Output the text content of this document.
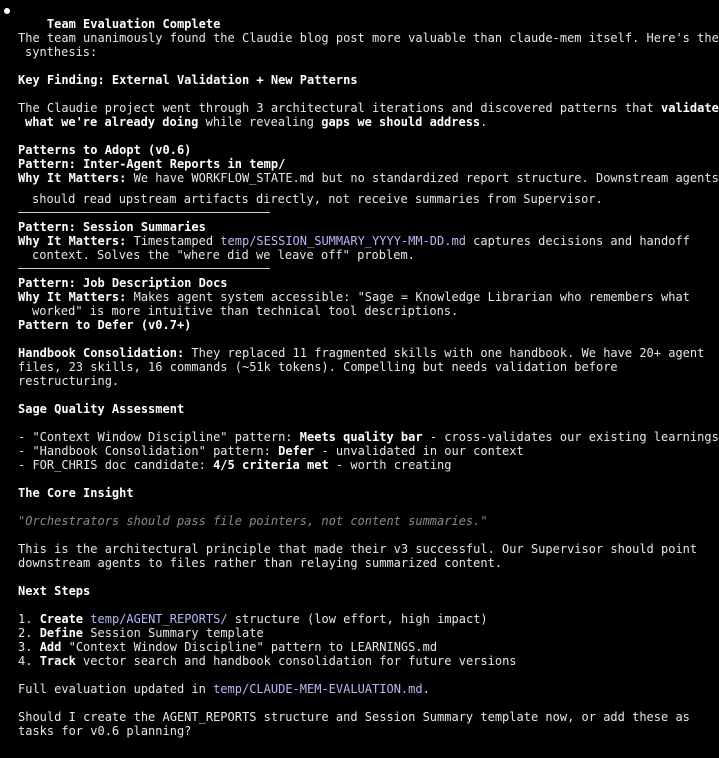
Team Evaluation Complete

The team unanimously found the Claudie blog post more valuable than claude-mem itself. Here's the
synthesis:
Key Finding: External Validation + New Patterns
The Claudie project went through 3 architectural iterations and discovered patterns that validate
what we're already doing while revealing gaps we should address.
Patterns to Adopt (v0.6)
Pattern: Inter-Agent Reports in temp/
Why It Matters: We have WORKFLOW_STATE.md but no standardized report structure. Downstream agents
should read upstream artifacts directly, not receive summaries from Supervisor.
Pattern: Session Summaries
Why It Matters: Timestamped temp/SESSION_SUMMARY_YYYY-MM-DD.md captures decisions and handoff
context. Solves the "where did we leave off" problem.
Pattern: Job Description Docs
Why It Matters: Makes agent system accessible: "Sage = Knowledge Librarian who remembers what
worked" is more intuitive than technical tool descriptions.
Pattern to Defer (v0.7+)
Handbook Consolidation: They replaced 11 fragmented skills with one handbook. We have 20+ agent
files, 23 skills, 16 commands (~51k tokens). Compelling but needs validation before
restructuring.
Sage Quality Assessment
- "Context Window Discipline" pattern: Meets quality bar - cross-validates our existing learnings
- "Handbook Consolidation" pattern: Defer - unvalidated in our context
- FOR_CHRIS doc candidate: 4/5 criteria met - worth creating
The Core Insight
"Orchestrators should pass file pointers, not content summaries."
This is the architectural principle that made their v3 successful. Our Supervisor should point
downstream agents to files rather than relaying summarized content.
Next Steps
1. Create temp/AGENT_REPORTS/ structure (low effort, high impact)
2. Define Session Summary template
3. Add "Context Window Discipline" pattern to LEARNINGS.md
4. Track vector search and handbook consolidation for future versions
Full evaluation updated in temp/CLAUDE-MEM-EVALUATION.md.
Should I create the AGENT_REPORTS structure and Session Summary template now, or add these as
tasks for v0.6 planning?
